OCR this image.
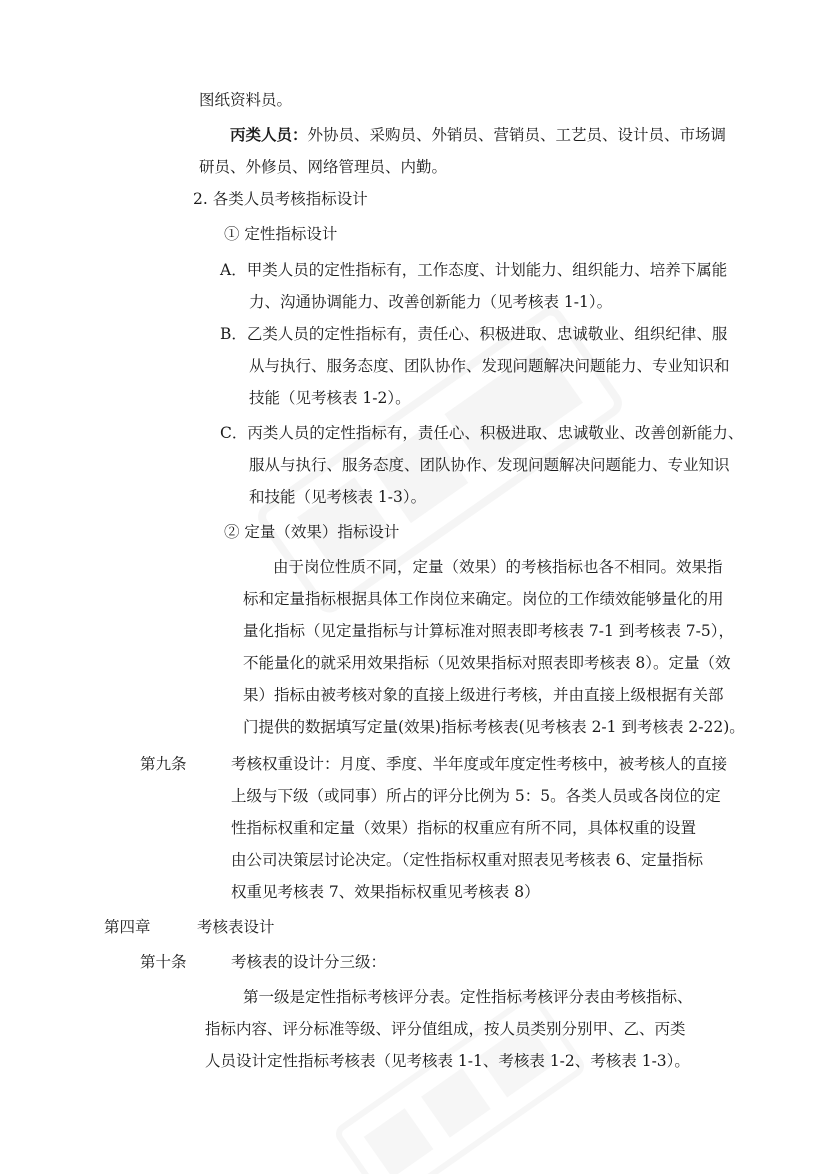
图纸资料员。
丙类人员：外协员、采购员、外销员、营销员、工艺员、设计员、市场调
研员、外修员、网络管理员、内勤。
2. 各类人员考核指标设计
① 定性指标设计
A．甲类人员的定性指标有，工作态度、计划能力、组织能力、培养下属能
力、沟通协调能力、改善创新能力（见考核表 1-1）。
B．乙类人员的定性指标有，责任心、积极进取、忠诚敬业、组织纪律、服
从与执行、服务态度、团队协作、发现问题解决问题能力、专业知识和
技能（见考核表 1-2）。
C．丙类人员的定性指标有，责任心、积极进取、忠诚敬业、改善创新能力、
服从与执行、服务态度、团队协作、发现问题解决问题能力、专业知识
和技能（见考核表 1-3）。
② 定量（效果）指标设计
由于岗位性质不同，定量（效果）的考核指标也各不相同。效果指
标和定量指标根据具体工作岗位来确定。岗位的工作绩效能够量化的用
量化指标（见定量指标与计算标准对照表即考核表 7-1 到考核表 7-5），
不能量化的就采用效果指标（见效果指标对照表即考核表 8）。定量（效
果）指标由被考核对象的直接上级进行考核，并由直接上级根据有关部
门提供的数据填写定量(效果)指标考核表(见考核表 2-1 到考核表 2-22)。
第九条	考核权重设计：月度、季度、半年度或年度定性考核中，被考核人的直接
上级与下级（或同事）所占的评分比例为 5：5。各类人员或各岗位的定
性指标权重和定量（效果）指标的权重应有所不同，具体权重的设置
由公司决策层讨论决定。（定性指标权重对照表见考核表 6、定量指标
权重见考核表 7、效果指标权重见考核表 8）
第四章	考核表设计
第十条	考核表的设计分三级：
第一级是定性指标考核评分表。定性指标考核评分表由考核指标、
指标内容、评分标准等级、评分值组成，按人员类别分别甲、乙、丙类
人员设计定性指标考核表（见考核表 1-1、考核表 1-2、考核表 1-3）。
